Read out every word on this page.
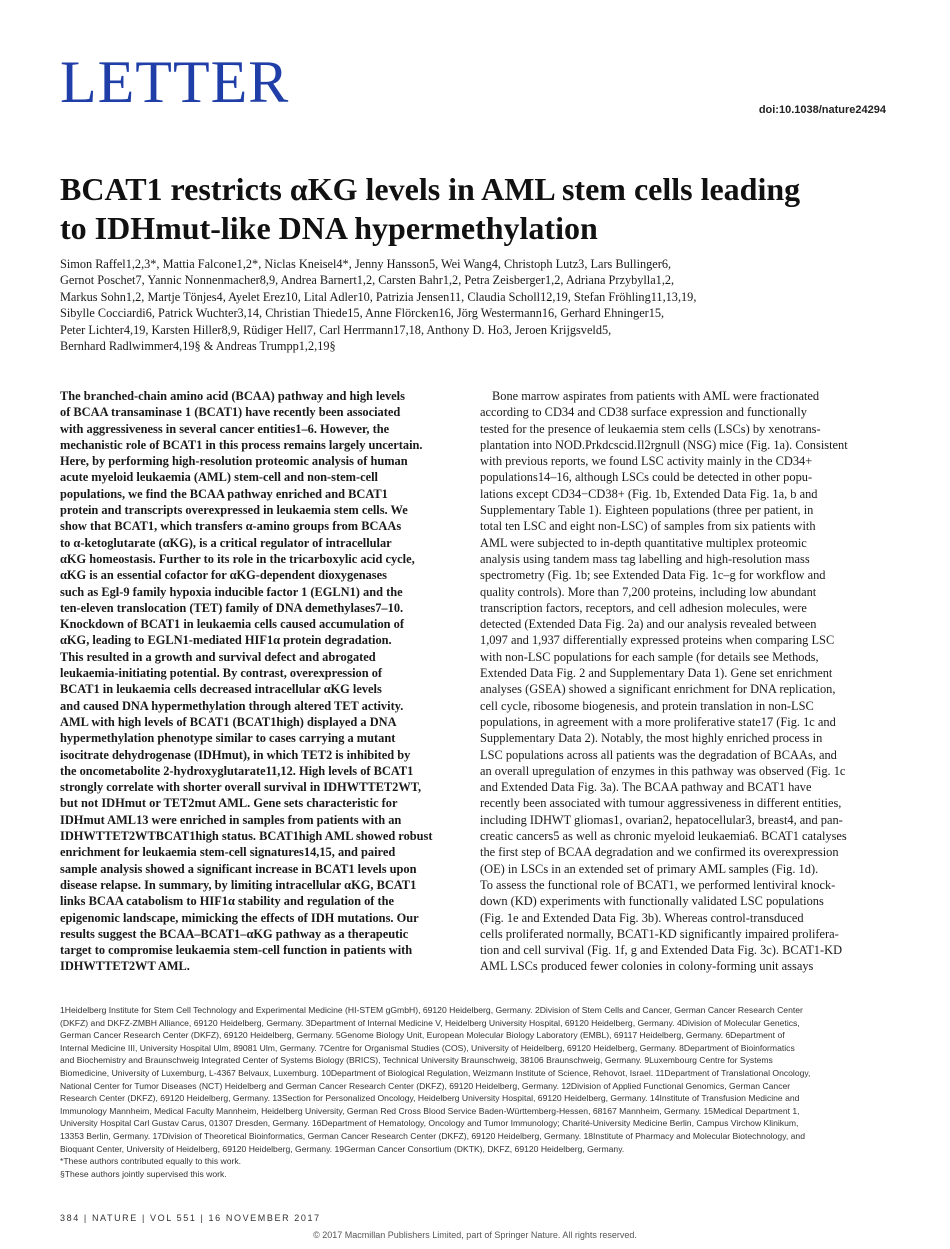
LETTER	doi:10.1038/nature24294
BCAT1 restricts αKG levels in AML stem cells leading
to IDHmut-like DNA hypermethylation
Simon Raffel1,2,3*, Mattia Falcone1,2*, Niclas Kneisel4*, Jenny Hansson5, Wei Wang4, Christoph Lutz3, Lars Bullinger6,
Gernot Poschet7, Yannic Nonnenmacher8,9, Andrea Barnert1,2, Carsten Bahr1,2, Petra Zeisberger1,2, Adriana Przybylla1,2,
Markus Sohn1,2, Martje Tönjes4, Ayelet Erez10, Lital Adler10, Patrizia Jensen11, Claudia Scholl12,19, Stefan Fröhling11,13,19,
Sibylle Cocciardi6, Patrick Wuchter3,14, Christian Thiede15, Anne Flörcken16, Jörg Westermann16, Gerhard Ehninger15,
Peter Lichter4,19, Karsten Hiller8,9, Rüdiger Hell7, Carl Herrmann17,18, Anthony D. Ho3, Jeroen Krijgsveld5,
Bernhard Radlwimmer4,19§ & Andreas Trumpp1,2,19§
The branched-chain amino acid (BCAA) pathway and high levels
of BCAA transaminase 1 (BCAT1) have recently been associated
with aggressiveness in several cancer entities1–6. However, the
mechanistic role of BCAT1 in this process remains largely uncertain.
Here, by performing high-resolution proteomic analysis of human
acute myeloid leukaemia (AML) stem-cell and non-stem-cell
populations, we find the BCAA pathway enriched and BCAT1
protein and transcripts overexpressed in leukaemia stem cells. We
show that BCAT1, which transfers α-amino groups from BCAAs
to α-ketoglutarate (αKG), is a critical regulator of intracellular
αKG homeostasis. Further to its role in the tricarboxylic acid cycle,
αKG is an essential cofactor for αKG-dependent dioxygenases
such as Egl-9 family hypoxia inducible factor 1 (EGLN1) and the
ten-eleven translocation (TET) family of DNA demethylases7–10.
Knockdown of BCAT1 in leukaemia cells caused accumulation of
αKG, leading to EGLN1-mediated HIF1α protein degradation.
This resulted in a growth and survival defect and abrogated
leukaemia-initiating potential. By contrast, overexpression of
BCAT1 in leukaemia cells decreased intracellular αKG levels
and caused DNA hypermethylation through altered TET activity.
AML with high levels of BCAT1 (BCAT1high) displayed a DNA
hypermethylation phenotype similar to cases carrying a mutant
isocitrate dehydrogenase (IDHmut), in which TET2 is inhibited by
the oncometabolite 2-hydroxyglutarate11,12. High levels of BCAT1
strongly correlate with shorter overall survival in IDHWTTET2WT,
but not IDHmut or TET2mut AML. Gene sets characteristic for
IDHmut AML13 were enriched in samples from patients with an
IDHWTTET2WTBCAT1high status. BCAT1high AML showed robust
enrichment for leukaemia stem-cell signatures14,15, and paired
sample analysis showed a significant increase in BCAT1 levels upon
disease relapse. In summary, by limiting intracellular αKG, BCAT1
links BCAA catabolism to HIF1α stability and regulation of the
epigenomic landscape, mimicking the effects of IDH mutations. Our
results suggest the BCAA–BCAT1–αKG pathway as a therapeutic
target to compromise leukaemia stem-cell function in patients with
IDHWTTET2WT AML.
Bone marrow aspirates from patients with AML were fractionated
according to CD34 and CD38 surface expression and functionally
tested for the presence of leukaemia stem cells (LSCs) by xenotrans-
plantation into NOD.Prkdcscid.Il2rgnull (NSG) mice (Fig. 1a). Consistent
with previous reports, we found LSC activity mainly in the CD34+
populations14–16, although LSCs could be detected in other popu-
lations except CD34−CD38+ (Fig. 1b, Extended Data Fig. 1a, b and
Supplementary Table 1). Eighteen populations (three per patient, in
total ten LSC and eight non-LSC) of samples from six patients with
AML were subjected to in-depth quantitative multiplex proteomic
analysis using tandem mass tag labelling and high-resolution mass
spectrometry (Fig. 1b; see Extended Data Fig. 1c–g for workflow and
quality controls). More than 7,200 proteins, including low abundant
transcription factors, receptors, and cell adhesion molecules, were
detected (Extended Data Fig. 2a) and our analysis revealed between
1,097 and 1,937 differentially expressed proteins when comparing LSC
with non-LSC populations for each sample (for details see Methods,
Extended Data Fig. 2 and Supplementary Data 1). Gene set enrichment
analyses (GSEA) showed a significant enrichment for DNA replication,
cell cycle, ribosome biogenesis, and protein translation in non-LSC
populations, in agreement with a more proliferative state17 (Fig. 1c and
Supplementary Data 2). Notably, the most highly enriched process in
LSC populations across all patients was the degradation of BCAAs, and
an overall upregulation of enzymes in this pathway was observed (Fig. 1c
and Extended Data Fig. 3a). The BCAA pathway and BCAT1 have
recently been associated with tumour aggressiveness in different entities,
including IDHWT gliomas1, ovarian2, hepatocellular3, breast4, and pan-
creatic cancers5 as well as chronic myeloid leukaemia6. BCAT1 catalyses
the first step of BCAA degradation and we confirmed its overexpression
(OE) in LSCs in an extended set of primary AML samples (Fig. 1d).
To assess the functional role of BCAT1, we performed lentiviral knock-
down (KD) experiments with functionally validated LSC populations
(Fig. 1e and Extended Data Fig. 3b). Whereas control-transduced
cells proliferated normally, BCAT1-KD significantly impaired prolifera-
tion and cell survival (Fig. 1f, g and Extended Data Fig. 3c). BCAT1-KD
AML LSCs produced fewer colonies in colony-forming unit assays
1Heidelberg Institute for Stem Cell Technology and Experimental Medicine (HI-STEM gGmbH), 69120 Heidelberg, Germany. 2Division of Stem Cells and Cancer, German Cancer Research Center
(DKFZ) and DKFZ-ZMBH Alliance, 69120 Heidelberg, Germany. 3Department of Internal Medicine V, Heidelberg University Hospital, 69120 Heidelberg, Germany. 4Division of Molecular Genetics,
German Cancer Research Center (DKFZ), 69120 Heidelberg, Germany. 5Genome Biology Unit, European Molecular Biology Laboratory (EMBL), 69117 Heidelberg, Germany. 6Department of
Internal Medicine III, University Hospital Ulm, 89081 Ulm, Germany. 7Centre for Organismal Studies (COS), University of Heidelberg, 69120 Heidelberg, Germany. 8Department of Bioinformatics
and Biochemistry and Braunschweig Integrated Center of Systems Biology (BRICS), Technical University Braunschweig, 38106 Braunschweig, Germany. 9Luxembourg Centre for Systems
Biomedicine, University of Luxemburg, L-4367 Belvaux, Luxemburg. 10Department of Biological Regulation, Weizmann Institute of Science, Rehovot, Israel. 11Department of Translational Oncology,
National Center for Tumor Diseases (NCT) Heidelberg and German Cancer Research Center (DKFZ), 69120 Heidelberg, Germany. 12Division of Applied Functional Genomics, German Cancer
Research Center (DKFZ), 69120 Heidelberg, Germany. 13Section for Personalized Oncology, Heidelberg University Hospital, 69120 Heidelberg, Germany. 14Institute of Transfusion Medicine and
Immunology Mannheim, Medical Faculty Mannheim, Heidelberg University, German Red Cross Blood Service Baden-Württemberg-Hessen, 68167 Mannheim, Germany. 15Medical Department 1,
University Hospital Carl Gustav Carus, 01307 Dresden, Germany. 16Department of Hematology, Oncology and Tumor Immunology; Charité-University Medicine Berlin, Campus Virchow Klinikum,
13353 Berlin, Germany. 17Division of Theoretical Bioinformatics, German Cancer Research Center (DKFZ), 69120 Heidelberg, Germany. 18Institute of Pharmacy and Molecular Biotechnology, and
Bioquant Center, University of Heidelberg, 69120 Heidelberg, Germany. 19German Cancer Consortium (DKTK), DKFZ, 69120 Heidelberg, Germany.
*These authors contributed equally to this work.
§These authors jointly supervised this work.
384 | NATURE | VOL 551 | 16 NOVEMBER 2017
© 2017 Macmillan Publishers Limited, part of Springer Nature. All rights reserved.
